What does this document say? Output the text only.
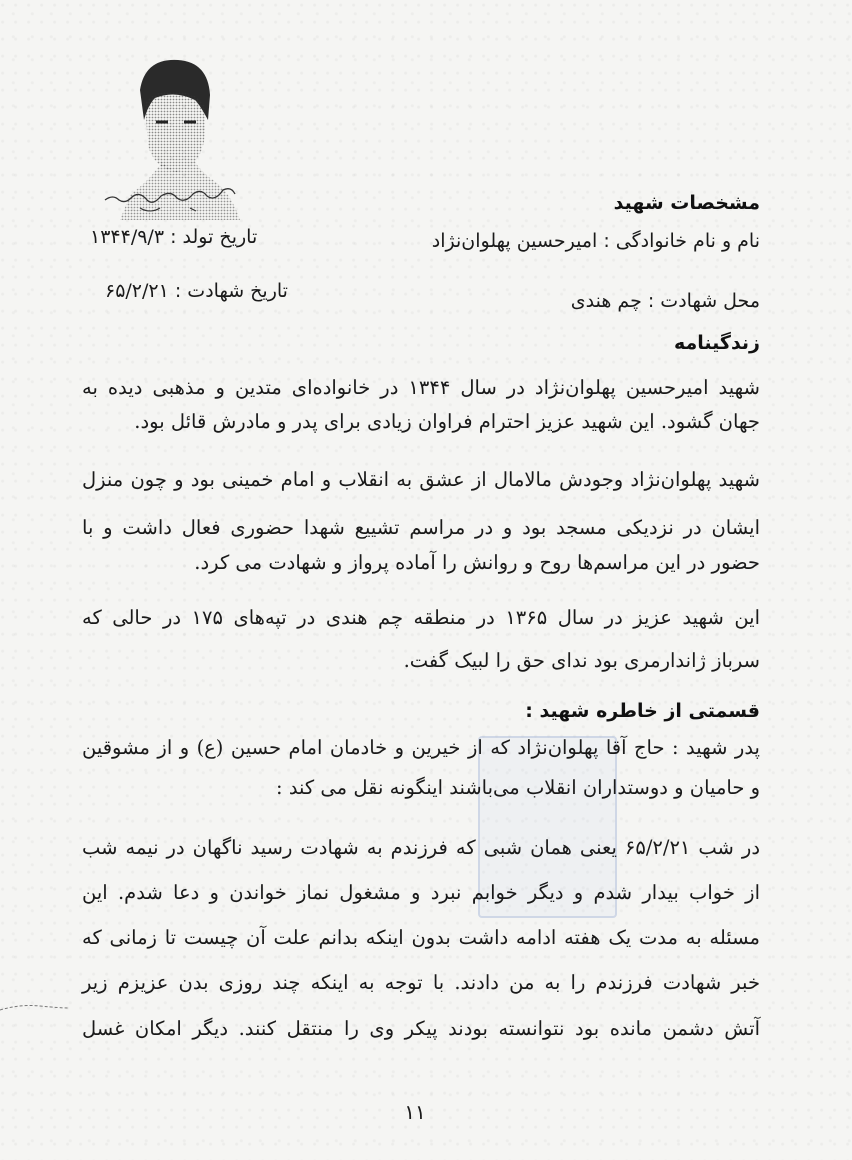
مشخصات شهید
نام و نام خانوادگی : امیرحسین پهلوان‌نژاد
تاریخ تولد : ۱۳۴۴/۹/۳
محل شهادت : چم هندی
تاریخ شهادت : ۶۵/۲/۲۱
زندگینامه
شهید امیرحسین پهلوان‌نژاد در سال ۱۳۴۴ در خانواده‌ای متدین و مذهبی دیده به
جهان گشود. این شهید عزیز احترام فراوان زیادی برای پدر و مادرش قائل بود.
شهید پهلوان‌نژاد وجودش مالامال از عشق به انقلاب و امام خمینی بود و چون منزل
ایشان در نزدیکی مسجد بود و در مراسم تشییع شهدا حضوری فعال داشت و با
حضور در این مراسم‌ها روح و روانش را آماده پرواز و شهادت می کرد.
این شهید عزیز در سال ۱۳۶۵ در منطقه چم هندی در تپه‌های ۱۷۵ در حالی که
سرباز ژاندارمری بود ندای حق را لبیک گفت.
قسمتی از خاطره شهید :
پدر شهید : حاج آقا پهلوان‌نژاد که از خیرین و خادمان امام حسین (ع) و از مشوقین
و حامیان و دوستداران انقلاب می‌باشند اینگونه نقل می کند :
در شب ۶۵/۲/۲۱ یعنی همان شبی که فرزندم به شهادت رسید ناگهان در نیمه شب
از خواب بیدار شدم و دیگر خوابم نبرد و مشغول نماز خواندن و دعا شدم. این
مسئله به مدت یک هفته ادامه داشت بدون اینکه بدانم علت آن چیست تا زمانی که
خبر شهادت فرزندم را به من دادند. با توجه به اینکه چند روزی بدن عزیزم زیر
آتش دشمن مانده بود نتوانسته بودند پیکر وی را منتقل کنند. دیگر امکان غسل
۱۱
